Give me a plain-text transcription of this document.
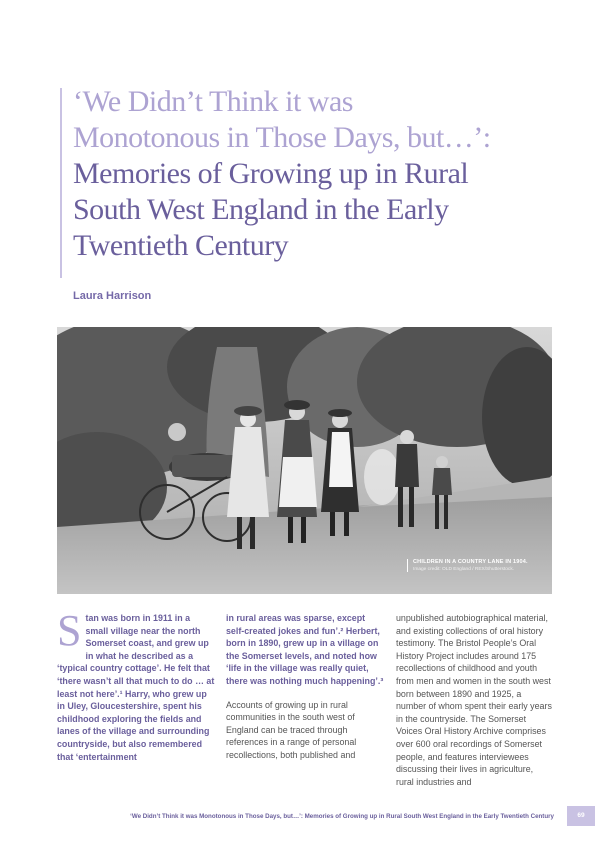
‘We Didn’t Think it was
Monotonous in Those Days, but…’:
Memories of Growing up in Rural
South West England in the Early
Twentieth Century
Laura Harrison
CHILDREN IN A COUNTRY LANE IN 1904.
Image credit: OLD England / REX/Shutterstock.
Stan was born in 1911 in a small village near the north Somerset coast, and grew up in what he described as a ‘typical country cottage’. He felt that ‘there wasn’t all that much to do … at least not here’.¹ Harry, who grew up in Uley, Gloucestershire, spent his childhood exploring the fields and lanes of the village and surrounding countryside, but also remembered that ‘entertainment
in rural areas was sparse, except self-created jokes and fun’.² Herbert, born in 1890, grew up in a village on the Somerset levels, and noted how ‘life in the village was really quiet, there was nothing much happening’.³
Accounts of growing up in rural communities in the south west of England can be traced through references in a range of personal recollections, both published and
unpublished autobiographical material, and existing collections of oral history testimony. The Bristol People’s Oral History Project includes around 175 recollections of childhood and youth from men and women in the south west born between 1890 and 1925, a number of whom spent their early years in the countryside. The Somerset Voices Oral History Archive comprises over 600 oral recordings of Somerset people, and features interviewees discussing their lives in agriculture, rural industries and
‘We Didn’t Think it was Monotonous in Those Days, but…’: Memories of Growing up in Rural South West England in the Early Twentieth Century	69
